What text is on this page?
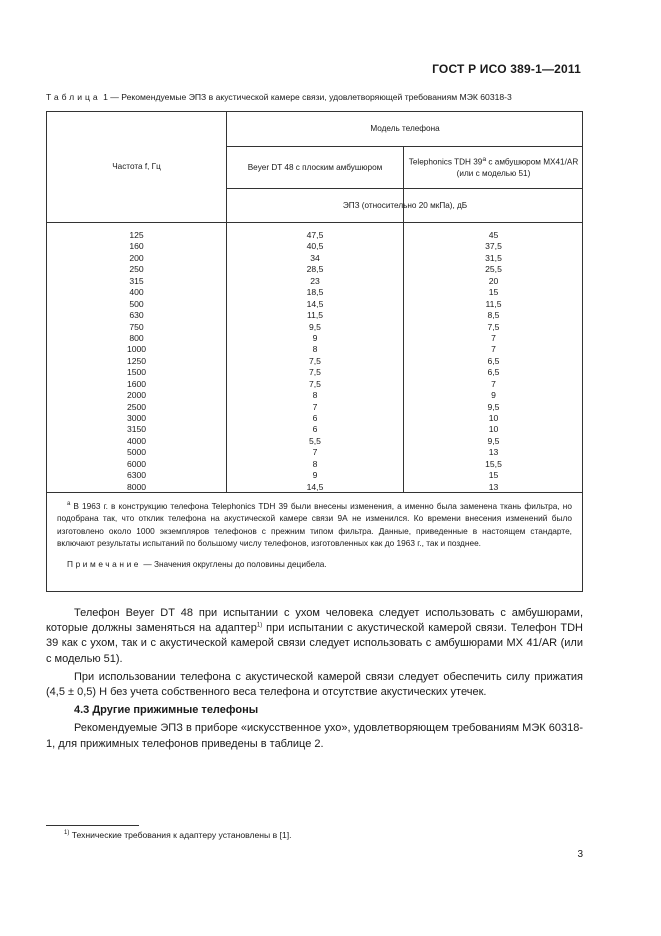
ГОСТ Р ИСО 389-1—2011
Таблица 1 — Рекомендуемые ЭПЗ в акустической камере связи, удовлетворяющей требованиям МЭК 60318-3
Частота f, Гц
Модель телефона
Beyer DT 48 с плоским амбушюром
Telephonics TDH 39$^a$ с амбушюром MX41/AR (или с моделью 51)
ЭПЗ (относительно 20 мкПа), дБ
125
160
200
250
315
400
500
630
750
800
1000
1250
1500
1600
2000
2500
3000
3150
4000
5000
6000
6300
8000
47,5
40,5
34
28,5
23
18,5
14,5
11,5
9,5
9
8
7,5
7,5
7,5
8
7
6
6
5,5
7
8
9
14,5
45
37,5
31,5
25,5
20
15
11,5
8,5
7,5
7
7
6,5
6,5
7
9
9,5
10
10
9,5
13
15,5
15
13
$^a$ В 1963 г. в конструкцию телефона Telephonics TDH 39 были внесены изменения, а именно была заменена ткань фильтра, но подобрана так, что отклик телефона на акустической камере связи 9А не изменился. Ко времени внесения изменений было изготовлено около 1000 экземпляров телефонов с прежним типом фильтра. Данные, приведенные в настоящем стандарте, включают результаты испытаний по большому числу телефонов, изготовленных как до 1963 г., так и позднее.
Примечание — Значения округлены до половины децибела.

Телефон Beyer DT 48 при испытании с ухом человека следует использовать с амбушюрами, которые должны заменяться на адаптер$^{1)}$ при испытании с акустической камерой связи. Телефон TDH 39 как с ухом, так и с акустической камерой связи следует использовать с амбушюрами MX 41/AR (или с моделью 51).

При использовании телефона с акустической камерой связи следует обеспечить силу прижатия (4,5 ± 0,5) Н без учета собственного веса телефона и отсутствие акустических утечек.

4.3 Другие прижимные телефоны

Рекомендуемые ЭПЗ в приборе «искусственное ухо», удовлетворяющем требованиям МЭК 60318-1, для прижимных телефонов приведены в таблице 2.

$^{1)}$ Технические требования к адаптеру установлены в [1].
3
